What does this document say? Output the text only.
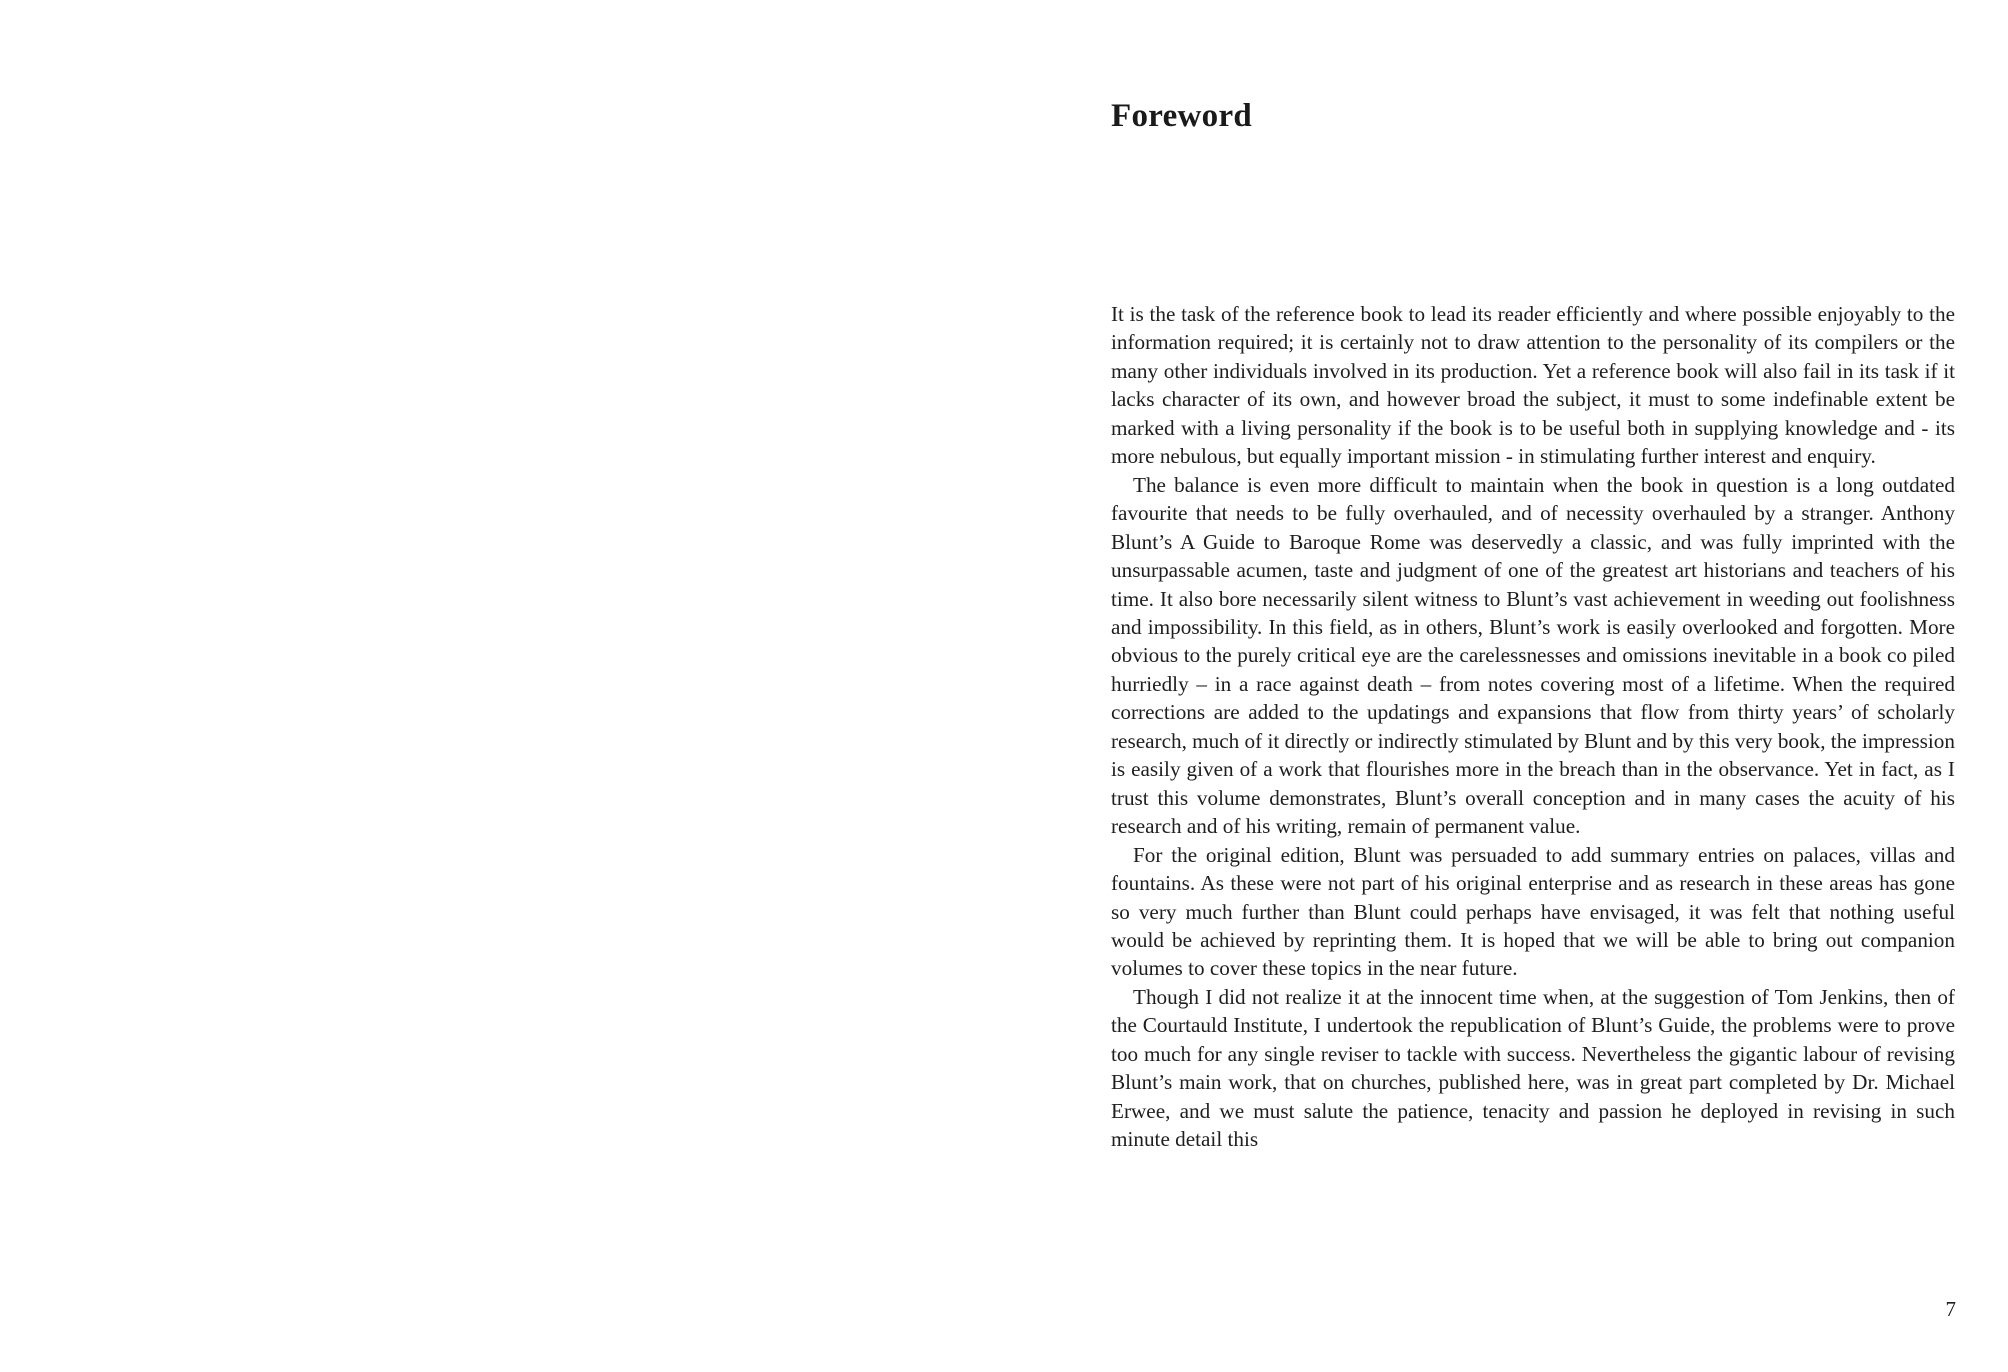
Foreword

It is the task of the reference book to lead its reader efficiently and where possible enjoyably to the information required; it is certainly not to draw attention to the personality of its compilers or the many other individuals involved in its production. Yet a reference book will also fail in its task if it lacks character of its own, and however broad the subject, it must to some indefinable extent be marked with a living personality if the book is to be useful both in supplying knowledge and - its more nebulous, but equally important mission - in stimulating further interest and enquiry.

The balance is even more difficult to maintain when the book in question is a long outdated favourite that needs to be fully overhauled, and of necessity overhauled by a stranger. Anthony Blunt’s A Guide to Baroque Rome was deservedly a classic, and was fully imprinted with the unsurpassable acumen, taste and judgment of one of the greatest art historians and teachers of his time. It also bore necessarily silent witness to Blunt’s vast achievement in weeding out foolishness and impossibility. In this field, as in others, Blunt’s work is easily overlooked and forgotten. More obvious to the purely critical eye are the carelessnesses and omissions inevitable in a book co piled hurriedly – in a race against death – from notes covering most of a lifetime. When the required corrections are added to the updatings and expansions that flow from thirty years’ of scholarly research, much of it directly or indirectly stimulated by Blunt and by this very book, the impression is easily given of a work that flourishes more in the breach than in the observance. Yet in fact, as I trust this volume demonstrates, Blunt’s overall conception and in many cases the acuity of his research and of his writing, remain of permanent value.

For the original edition, Blunt was persuaded to add summary entries on palaces, villas and fountains. As these were not part of his original enterprise and as research in these areas has gone so very much further than Blunt could perhaps have envisaged, it was felt that nothing useful would be achieved by reprinting them. It is hoped that we will be able to bring out companion volumes to cover these topics in the near future.

Though I did not realize it at the innocent time when, at the suggestion of Tom Jenkins, then of the Courtauld Institute, I undertook the republication of Blunt’s Guide, the problems were to prove too much for any single reviser to tackle with success. Nevertheless the gigantic labour of revising Blunt’s main work, that on churches, published here, was in great part completed by Dr. Michael Erwee, and we must salute the patience, tenacity and passion he deployed in revising in such minute detail this

7
